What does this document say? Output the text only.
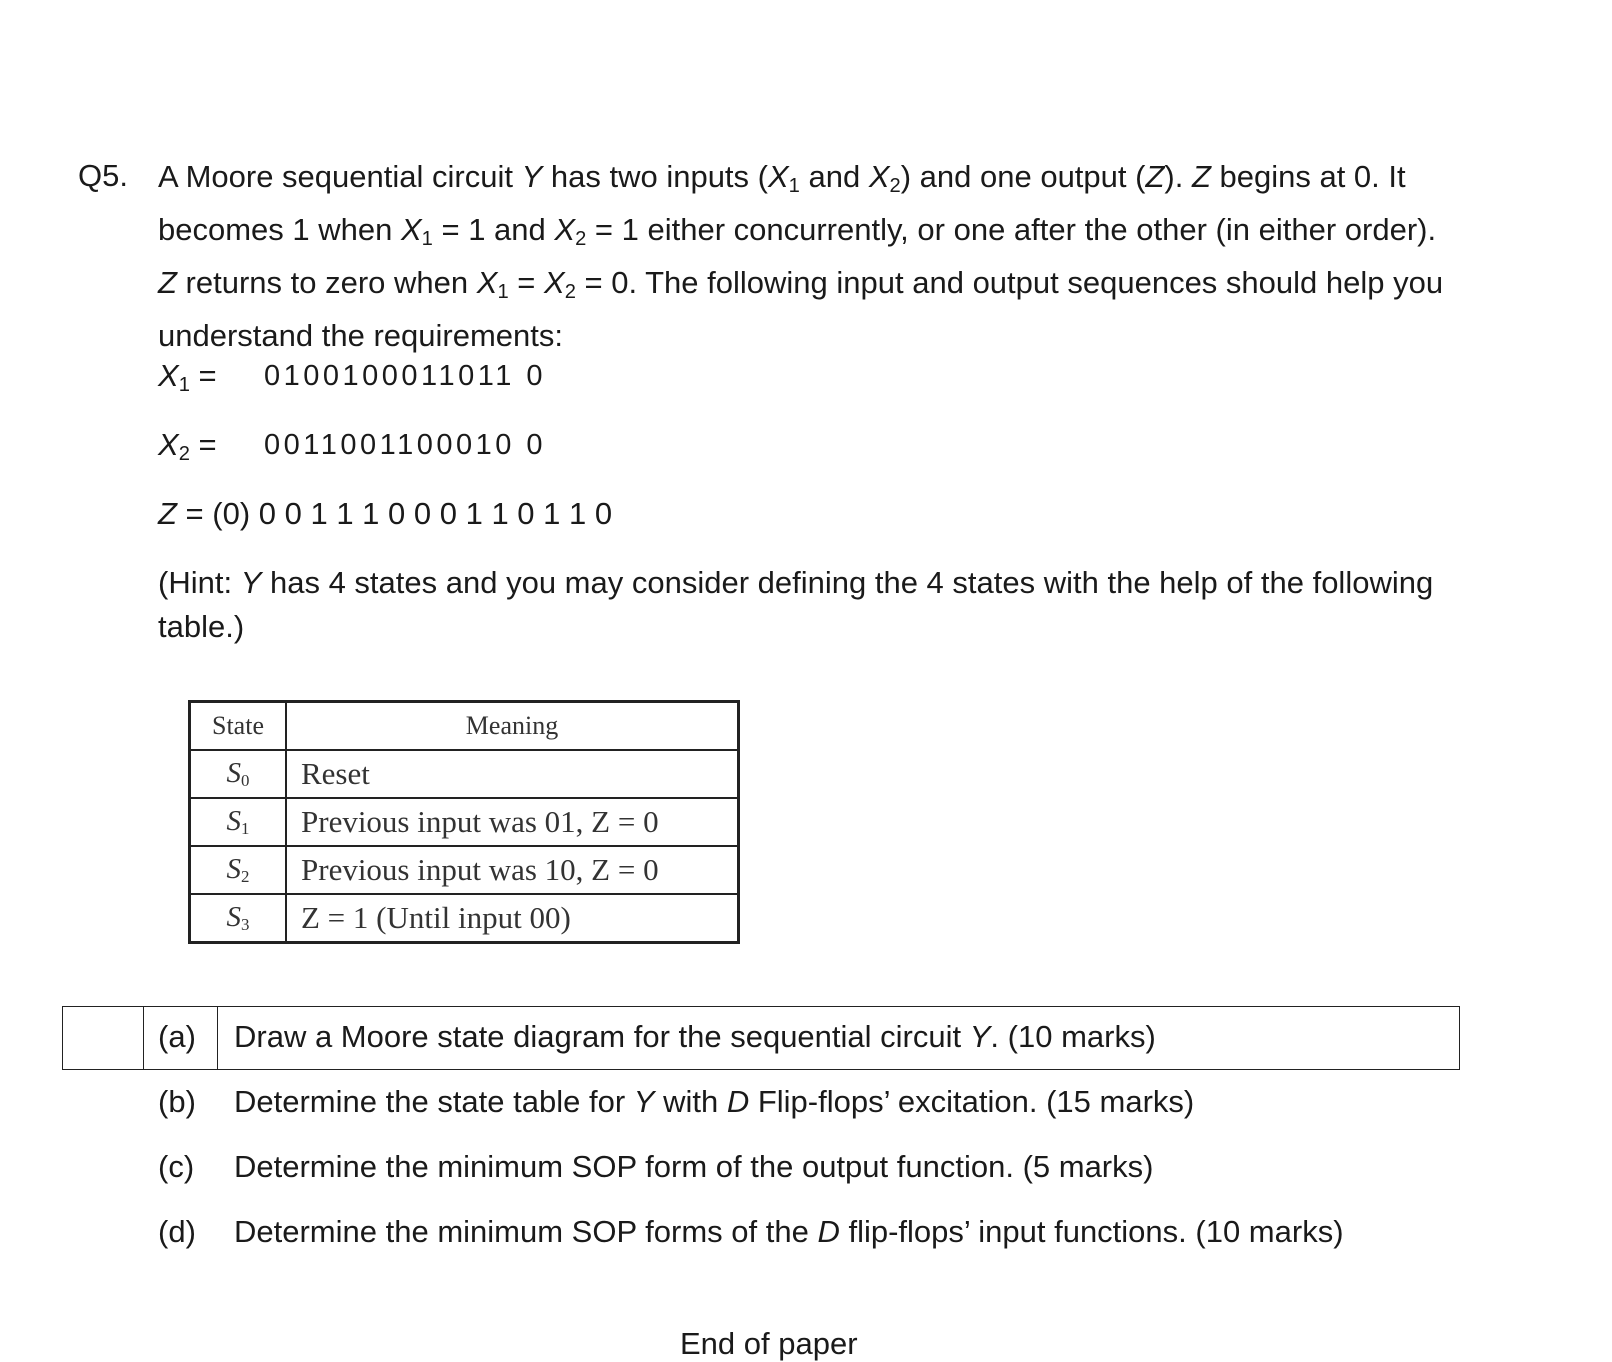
Q5. A Moore sequential circuit Y has two inputs ($X_1$ and $X_2$) and one output (Z). Z begins at 0. It becomes 1 when $X_1 = 1$ and $X_2 = 1$ either concurrently, or one after the other (in either order). Z returns to zero when $X_1 = X_2 = 0$. The following input and output sequences should help you understand the requirements:
$X_1 = 0100100011011$ 0
$X_2 = 0011001100010$ 0
Z = (0) 0 0 1 1 1 0 0 0 1 1 0 1 1 0
(Hint: Y has 4 states and you may consider defining the 4 states with the help of the following table.)
State	Meaning
$S_0$	Reset
$S_1$	Previous input was 01, Z = 0
$S_2$	Previous input was 10, Z = 0
$S_3$	Z = 1 (Until input 00)
(a) Draw a Moore state diagram for the sequential circuit Y. (10 marks)
(b) Determine the state table for Y with D Flip-flops’ excitation. (15 marks)
(c) Determine the minimum SOP form of the output function. (5 marks)
(d) Determine the minimum SOP forms of the D flip-flops’ input functions. (10 marks)
End of paper
